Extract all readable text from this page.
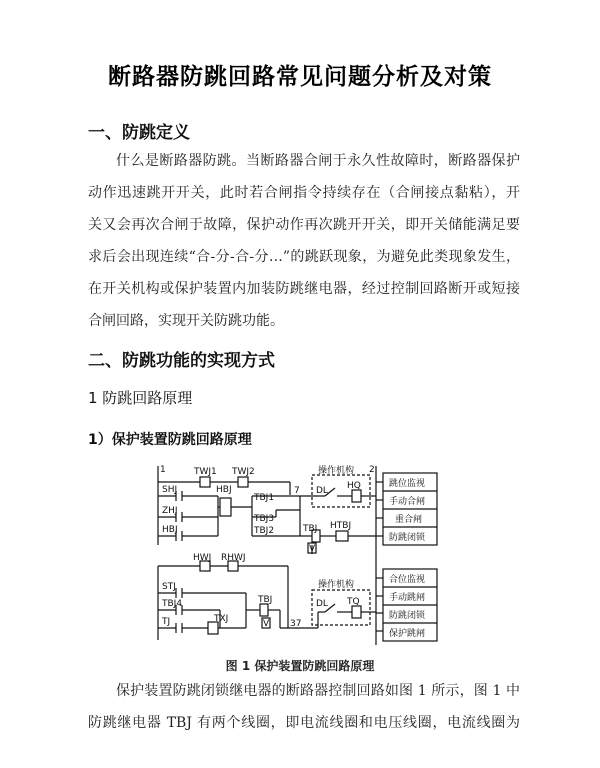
断路器防跳回路常见问题分析及对策
一、防跳定义
什么是断路器防跳。当断路器合闸于永久性故障时，断路器保护
动作迅速跳开开关，此时若合闸指令持续存在（合闸接点黏粘），开
关又会再次合闸于故障，保护动作再次跳开开关，即开关储能满足要
求后会出现连续“合-分-合-分…”的跳跃现象，为避免此类现象发生，
在开关机构或保护装置内加装防跳继电器，经过控制回路断开或短接
合闸回路，实现开关防跳功能。
二、防跳功能的实现方式
1 防跳回路原理
1）保护装置防跳回路原理
1	2
7
37
TWJ1 TWJ2
SHJ	HBJ
ZHJ
HBJ
TBJ1
TBJ3
TBJ2	TBJ HTBJ
V
操作机构
DL HQ
HWJ RHWJ
STJ
TBJ4
TJ	TXJ
TBJ
V
操作机构
DL TQ
跳位监视
手动合闸
重合闸
防跳闭锁
合位监视
手动跳闸
防跳闭锁
保护跳闸
图 1 保护装置防跳回路原理
保护装置防跳闭锁继电器的断路器控制回路如图 1 所示，图 1 中
防跳继电器 TBJ 有两个线圈，即电流线圈和电压线圈，电流线圈为
